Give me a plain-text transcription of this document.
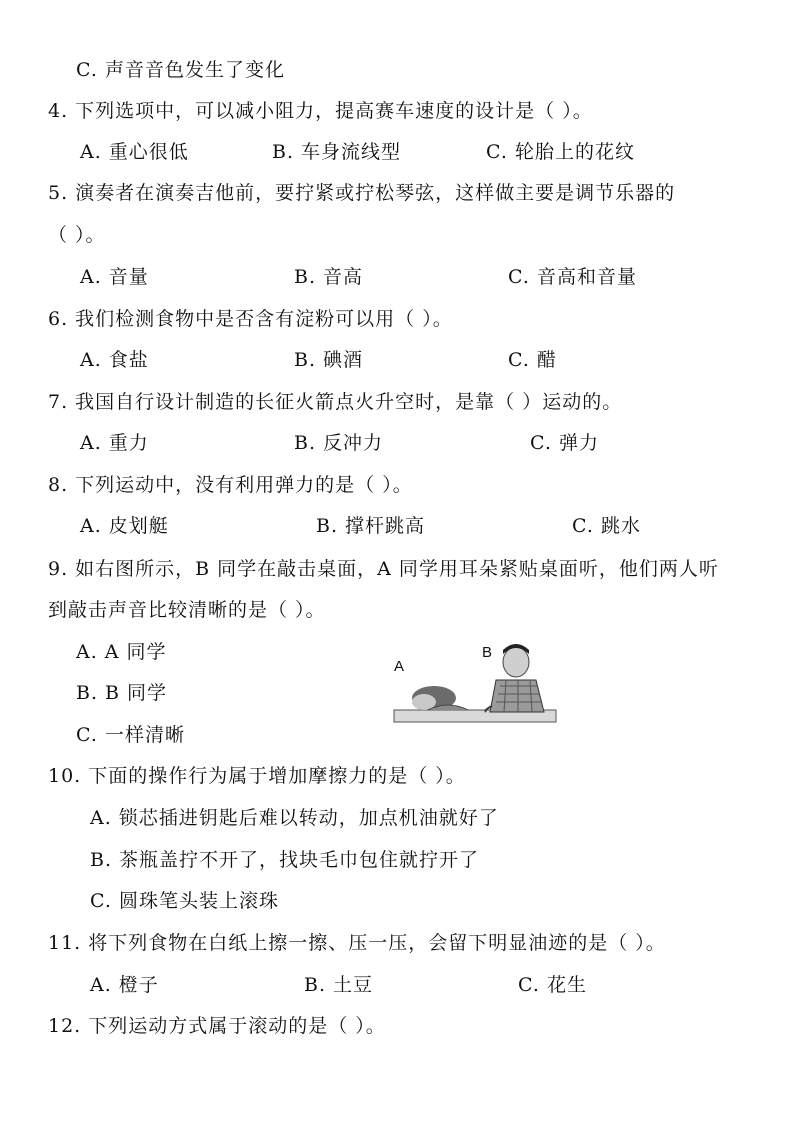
C. 声音音色发生了变化
4. 下列选项中，可以减小阻力，提高赛车速度的设计是（ ）。
A. 重心很低	B. 车身流线型	C. 轮胎上的花纹
5. 演奏者在演奏吉他前，要拧紧或拧松琴弦，这样做主要是调节乐器的
（ ）。
A. 音量	B. 音高	C. 音高和音量
6. 我们检测食物中是否含有淀粉可以用（ ）。
A. 食盐	B. 碘酒	C. 醋
7. 我国自行设计制造的长征火箭点火升空时，是靠（ ）运动的。
A. 重力	B. 反冲力	C. 弹力
8. 下列运动中，没有利用弹力的是（ ）。
A. 皮划艇	B. 撑杆跳高	C. 跳水
9. 如右图所示，B 同学在敲击桌面，A 同学用耳朵紧贴桌面听，他们两人听
到敲击声音比较清晰的是（ ）。
A. A 同学
B. B 同学
C. 一样清晰
A
B
10. 下面的操作行为属于增加摩擦力的是（ ）。
A. 锁芯插进钥匙后难以转动，加点机油就好了
B. 茶瓶盖拧不开了，找块毛巾包住就拧开了
C. 圆珠笔头装上滚珠
11. 将下列食物在白纸上擦一擦、压一压，会留下明显油迹的是（ ）。
A. 橙子	B. 土豆	C. 花生
12. 下列运动方式属于滚动的是（ ）。
